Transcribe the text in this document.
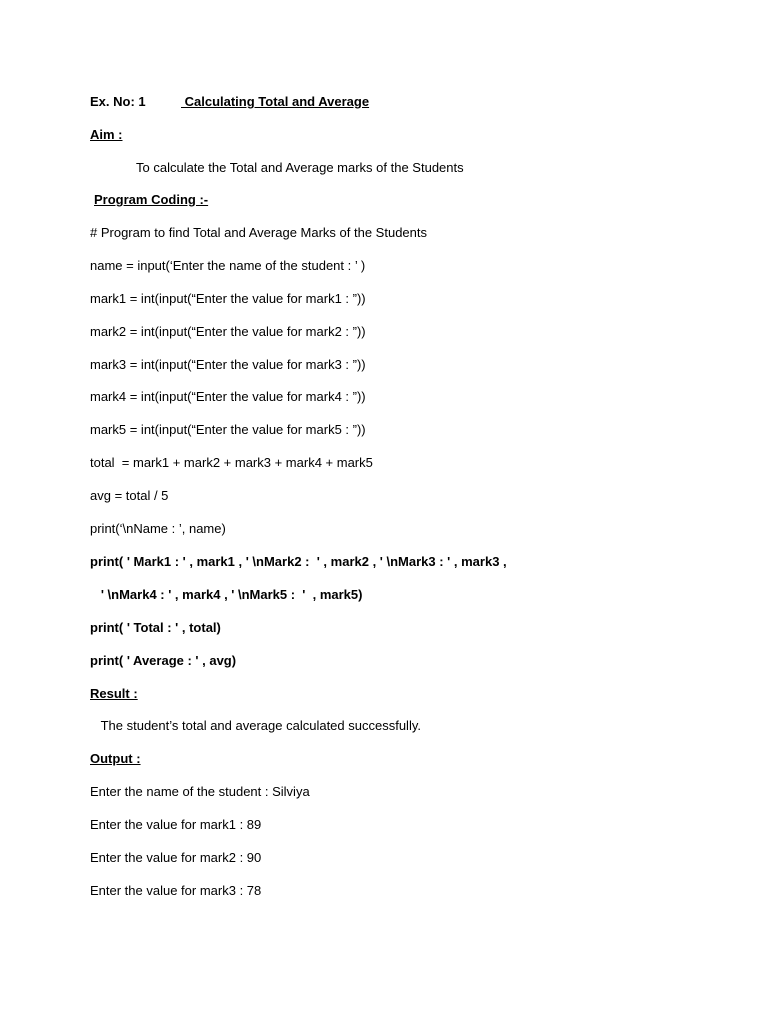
Ex. No: 1	Calculating Total and Average
Aim :
To calculate the Total and Average marks of the Students
Program Coding :-
# Program to find Total and Average Marks of the Students
name = input(‘Enter the name of the student : ’ )
mark1 = int(input(“Enter the value for mark1 : ”))
mark2 = int(input(“Enter the value for mark2 : ”))
mark3 = int(input(“Enter the value for mark3 : ”))
mark4 = int(input(“Enter the value for mark4 : ”))
mark5 = int(input(“Enter the value for mark5 : ”))
total  = mark1 + mark2 + mark3 + mark4 + mark5
avg = total / 5
print(‘\nName : ’, name)
print( ' Mark1 : ' , mark1 , ' \nMark2 :  ' , mark2 , ' \nMark3 : ' , mark3 ,
' \nMark4 : ' , mark4 , ' \nMark5 :  '  , mark5)
print( ' Total : ' , total)
print( ' Average : ' , avg)
Result :
The student’s total and average calculated successfully.
Output :
Enter the name of the student : Silviya
Enter the value for mark1 : 89
Enter the value for mark2 : 90
Enter the value for mark3 : 78
